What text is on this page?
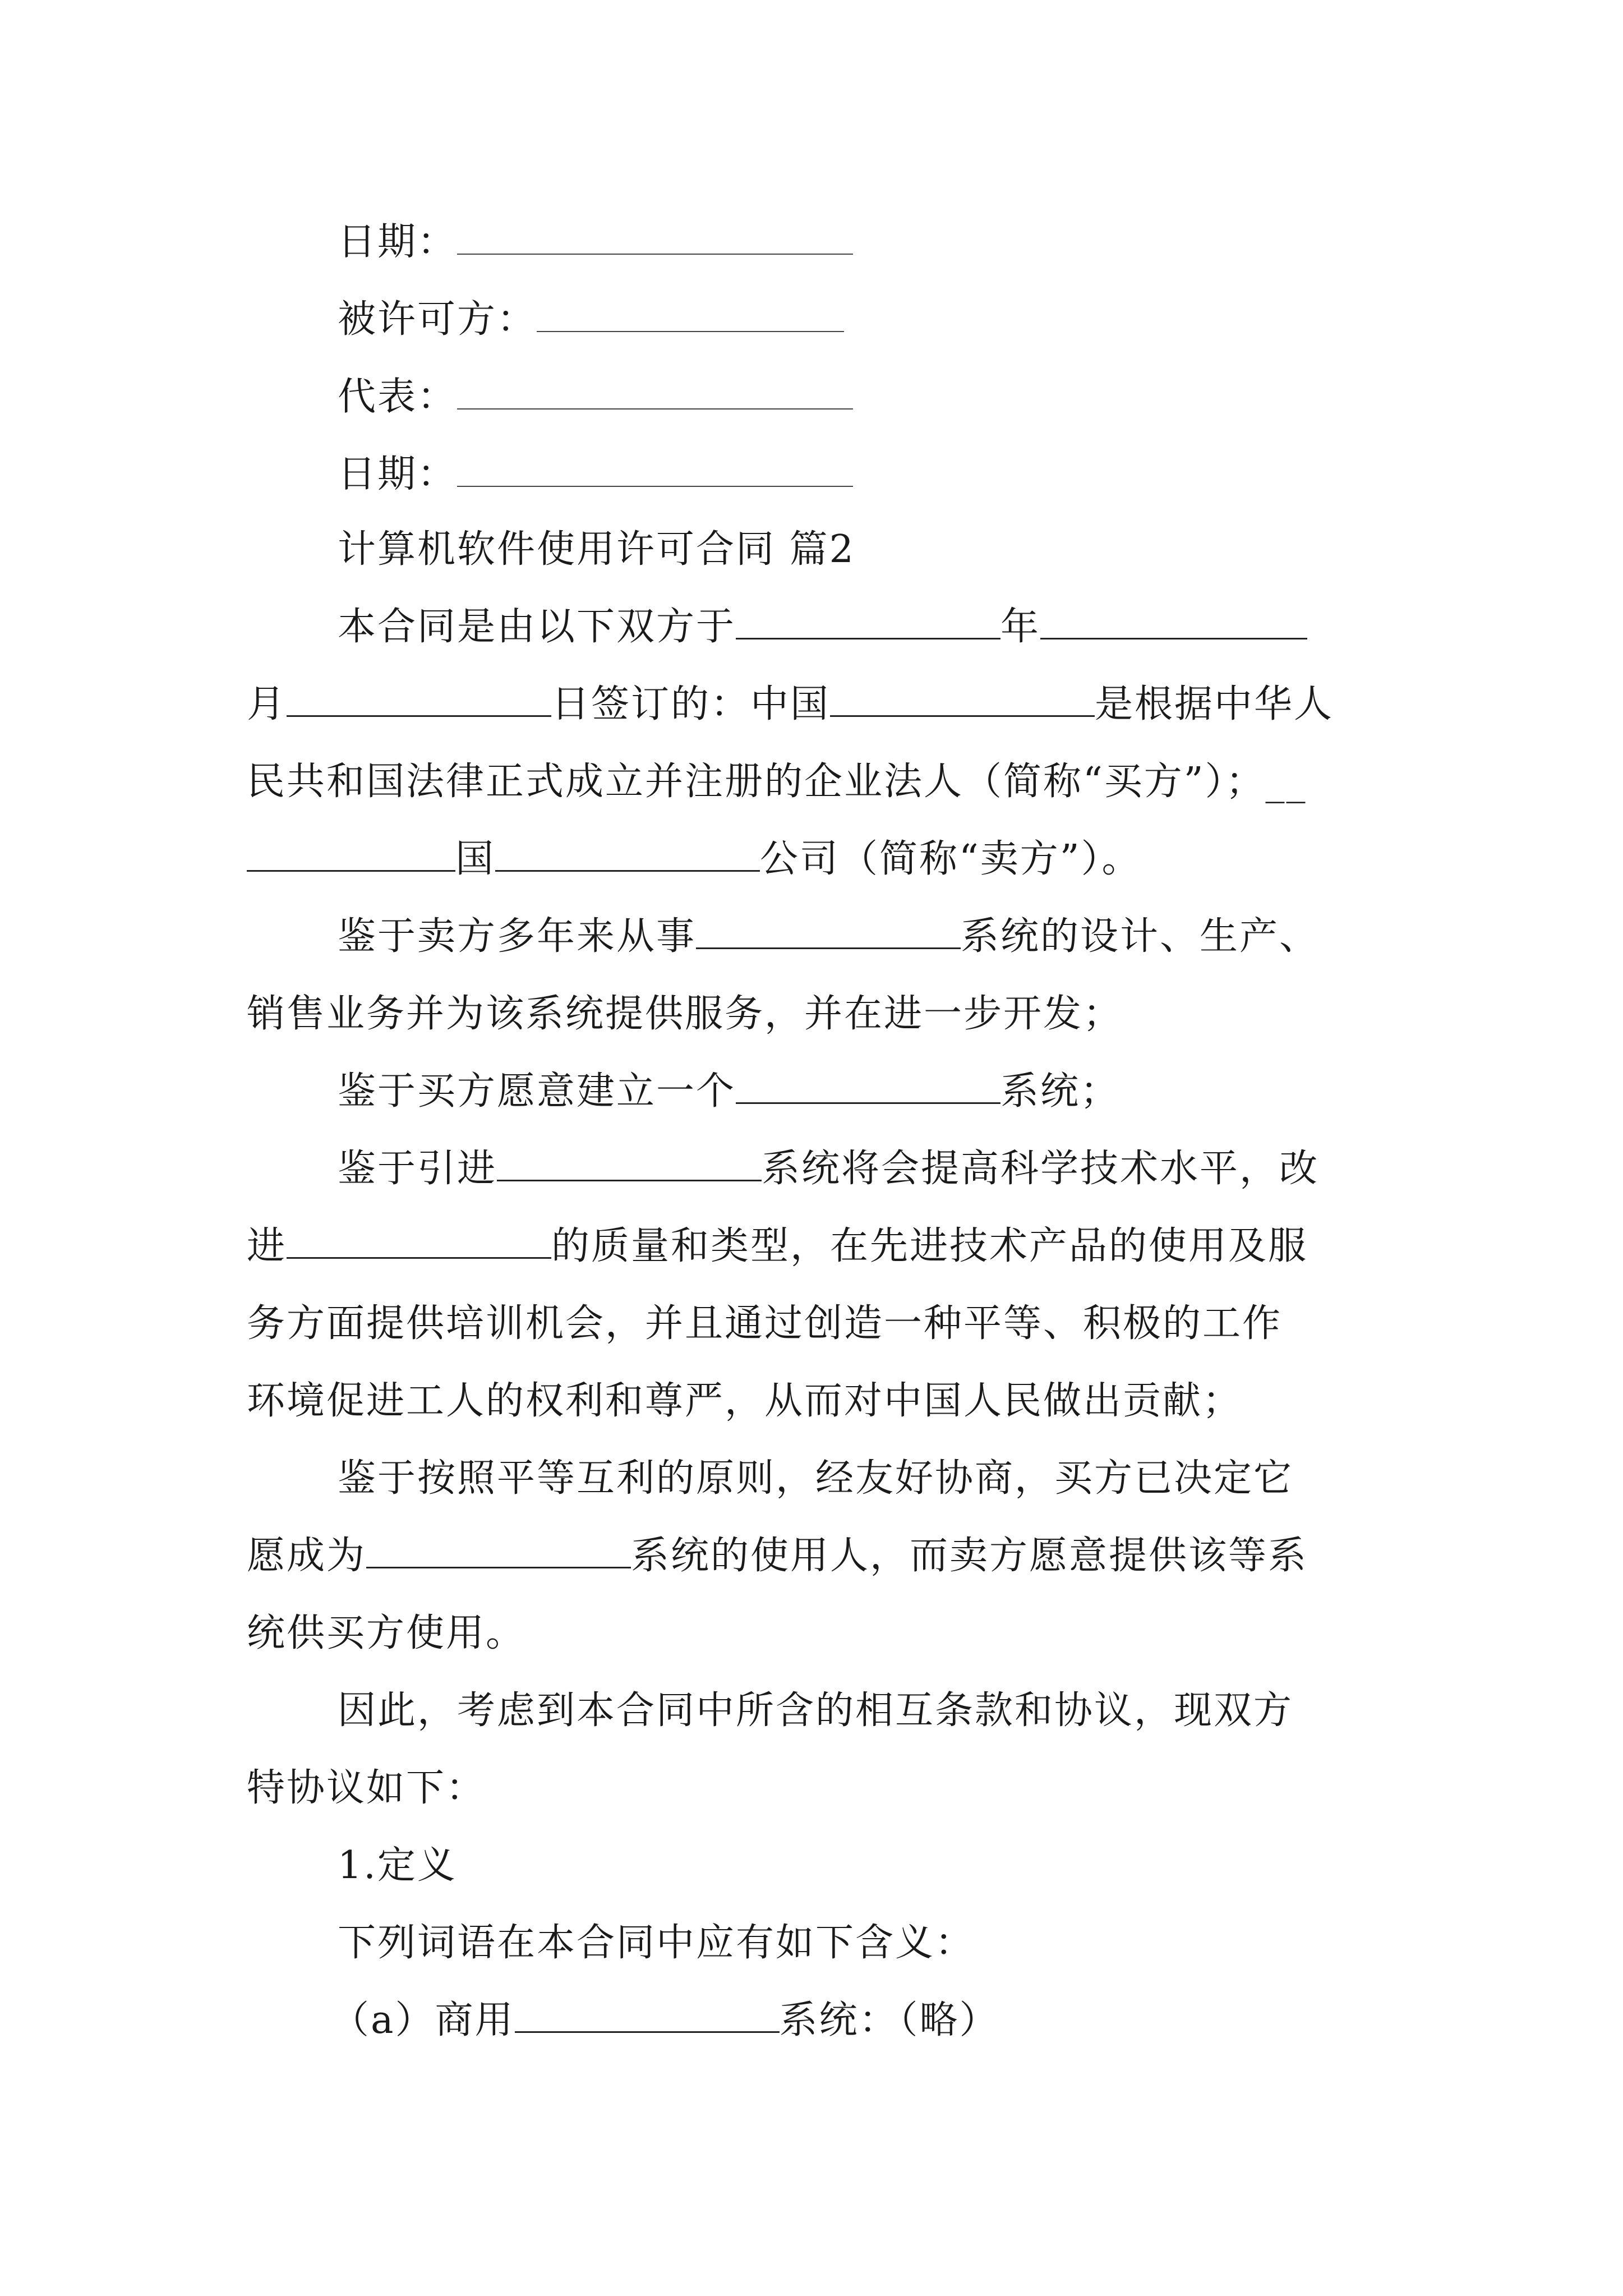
日期：
被许可方：
代表：
日期：
计算机软件使用许可合同 篇2
本合同是由以下双方于	年
月	日签订的：中国	是根据中华人
民共和国法律正式成立并注册的企业法人（简称“买方”）；__
国	公司（简称“卖方”）。
鉴于卖方多年来从事	系统的设计、生产、
销售业务并为该系统提供服务，并在进一步开发；
鉴于买方愿意建立一个	系统；
鉴于引进	系统将会提高科学技术水平，改
进	的质量和类型，在先进技术产品的使用及服
务方面提供培训机会，并且通过创造一种平等、积极的工作
环境促进工人的权利和尊严，从而对中国人民做出贡献；
鉴于按照平等互利的原则，经友好协商，买方已决定它
愿成为	系统的使用人，而卖方愿意提供该等系
统供买方使用。
因此，考虑到本合同中所含的相互条款和协议，现双方
特协议如下：
1.定义
下列词语在本合同中应有如下含义：
（a）商用	系统：（略）
